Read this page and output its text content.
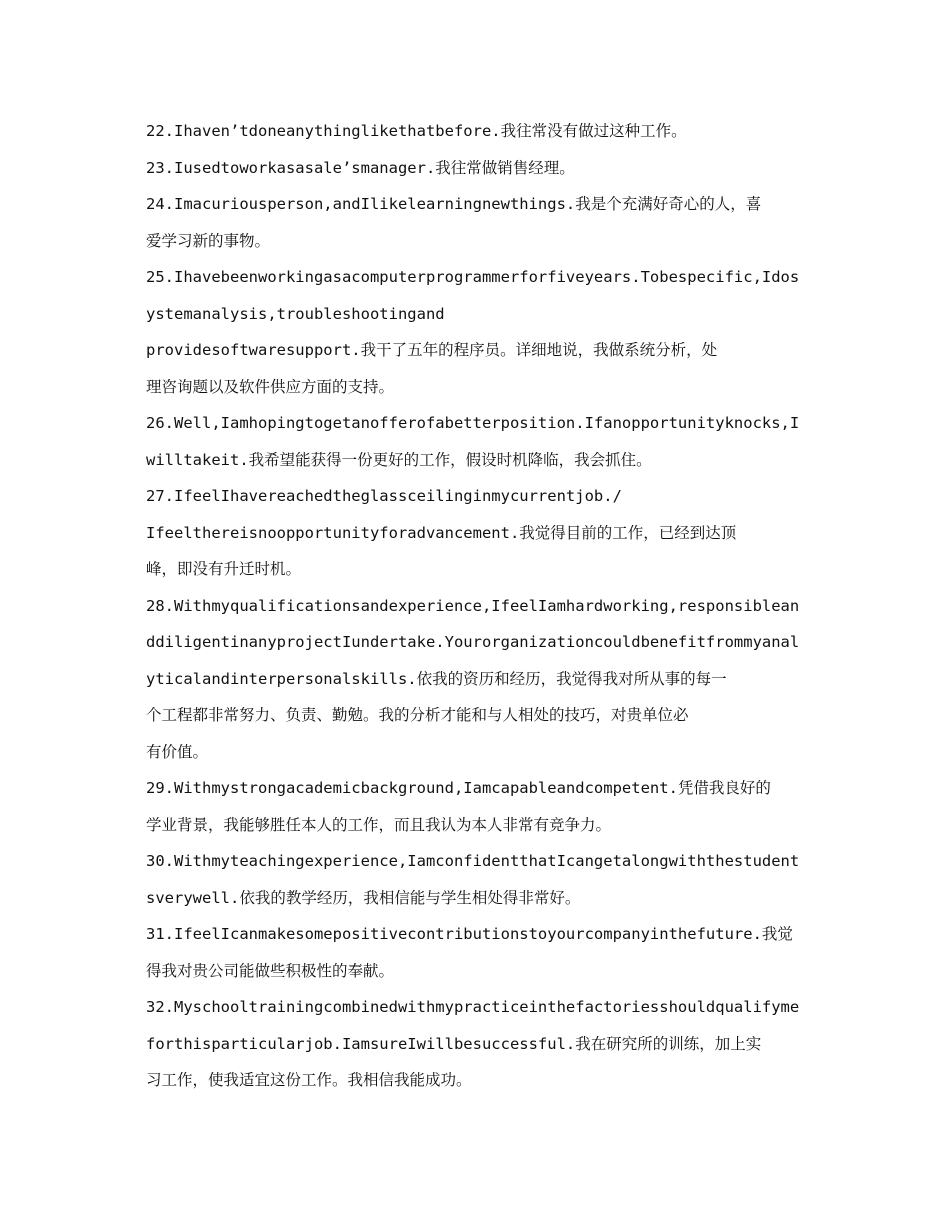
22.Ihaven’tdoneanythinglikethatbefore.我往常没有做过这种工作。
23.Iusedtoworkasasale’smanager.我往常做销售经理。
24.Imacuriousperson,andIlikelearningnewthings.我是个充满好奇心的人，喜
爱学习新的事物。
25.Ihavebeenworkingasacomputerprogrammerforfiveyears.Tobespecific,Idos
ystemanalysis,troubleshootingand
providesoftwaresupport.我干了五年的程序员。详细地说，我做系统分析，处
理咨询题以及软件供应方面的支持。
26.Well,Iamhopingtogetanofferofabetterposition.Ifanopportunityknocks,I
willtakeit.我希望能获得一份更好的工作，假设时机降临，我会抓住。
27.IfeelIhavereachedtheglassceilinginmycurrentjob./
Ifeelthereisnoopportunityforadvancement.我觉得目前的工作，已经到达顶
峰，即没有升迁时机。
28.Withmyqualificationsandexperience,IfeelIamhardworking,responsiblean
ddiligentinanyprojectIundertake.Yourorganizationcouldbenefitfrommyanal
yticalandinterpersonalskills.依我的资历和经历，我觉得我对所从事的每一
个工程都非常努力、负责、勤勉。我的分析才能和与人相处的技巧，对贵单位必
有价值。
29.Withmystrongacademicbackground,Iamcapableandcompetent.凭借我良好的
学业背景，我能够胜任本人的工作，而且我认为本人非常有竞争力。
30.Withmyteachingexperience,IamconfidentthatIcangetalongwiththestudent
sverywell.依我的教学经历，我相信能与学生相处得非常好。
31.IfeelIcanmakesomepositivecontributionstoyourcompanyinthefuture.我觉
得我对贵公司能做些积极性的奉献。
32.Myschooltrainingcombinedwithmypracticeinthefactoriesshouldqualifyme
forthisparticularjob.IamsureIwillbesuccessful.我在研究所的训练，加上实
习工作，使我适宜这份工作。我相信我能成功。
